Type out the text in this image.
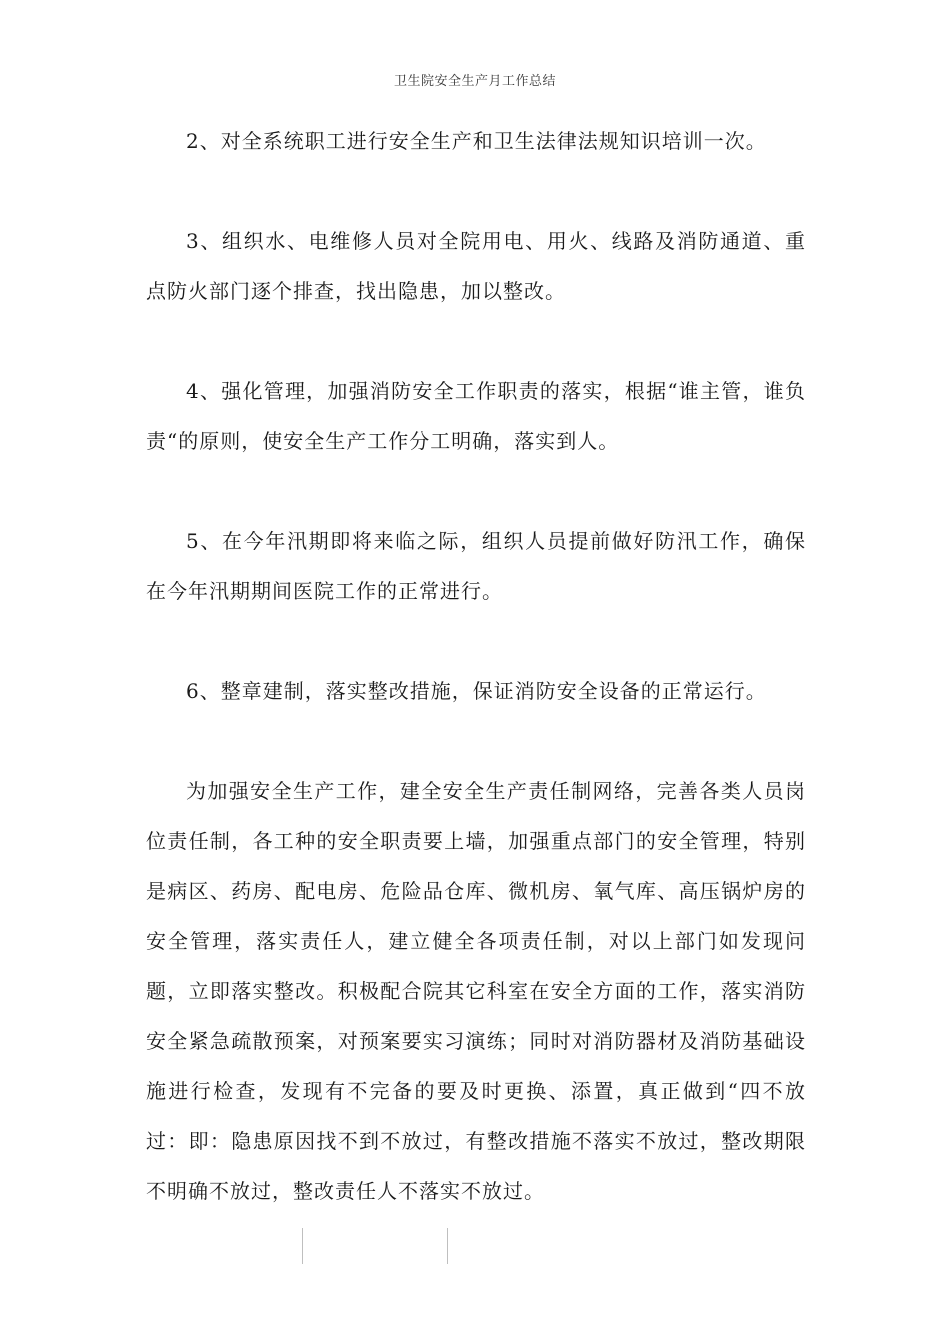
卫生院安全生产月工作总结

2、对全系统职工进行安全生产和卫生法律法规知识培训一次。

3、组织水、电维修人员对全院用电、用火、线路及消防通道、重点防火部门逐个排查，找出隐患，加以整改。

4、强化管理，加强消防安全工作职责的落实，根据“谁主管，谁负责“的原则，使安全生产工作分工明确，落实到人。

5、在今年汛期即将来临之际，组织人员提前做好防汛工作，确保在今年汛期期间医院工作的正常进行。

6、整章建制，落实整改措施，保证消防安全设备的正常运行。

为加强安全生产工作，建全安全生产责任制网络，完善各类人员岗位责任制，各工种的安全职责要上墙，加强重点部门的安全管理，特别是病区、药房、配电房、危险品仓库、微机房、氧气库、高压锅炉房的安全管理，落实责任人，建立健全各项责任制，对以上部门如发现问题，立即落实整改。积极配合院其它科室在安全方面的工作，落实消防安全紧急疏散预案，对预案要实习演练；同时对消防器材及消防基础设施进行检查，发现有不完备的要及时更换、添置，真正做到“四不放过：即：隐患原因找不到不放过，有整改措施不落实不放过，整改期限不明确不放过，整改责任人不落实不放过。
